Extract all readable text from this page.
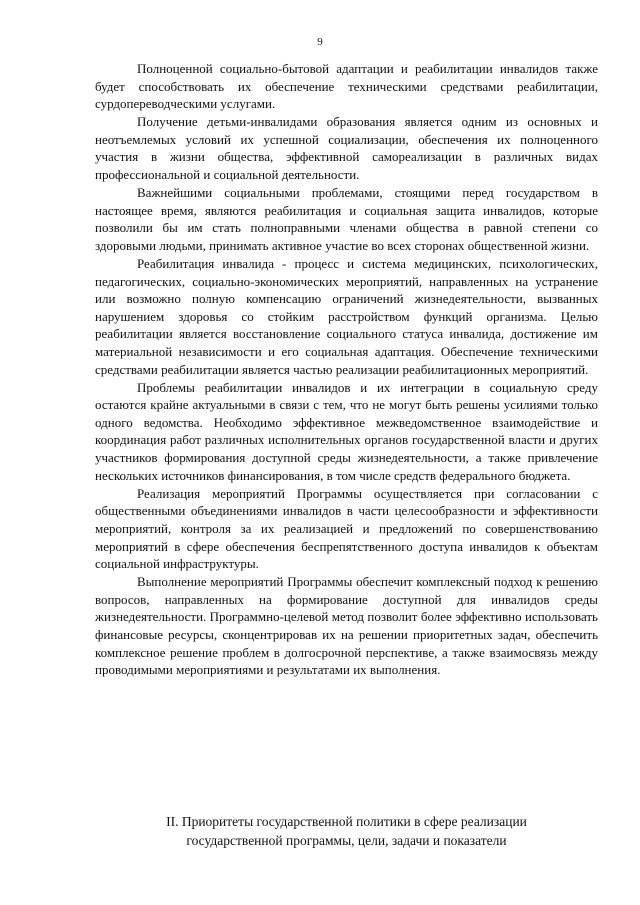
9

Полноценной социально-бытовой адаптации и реабилитации инвалидов также будет способствовать их обеспечение техническими средствами реабилитации, сурдопереводческими услугами.

Получение детьми-инвалидами образования является одним из основных и неотъемлемых условий их успешной социализации, обеспечения их полноценного участия в жизни общества, эффективной самореализации в различных видах профессиональной и социальной деятельности.

Важнейшими социальными проблемами, стоящими перед государством в настоящее время, являются реабилитация и социальная защита инвалидов, которые позволили бы им стать полноправными членами общества в равной степени со здоровыми людьми, принимать активное участие во всех сторонах общественной жизни.

Реабилитация инвалида - процесс и система медицинских, психологических, педагогических, социально-экономических мероприятий, направленных на устранение или возможно полную компенсацию ограничений жизнедеятельности, вызванных нарушением здоровья со стойким расстройством функций организма. Целью реабилитации является восстановление социального статуса инвалида, достижение им материальной независимости и его социальная адаптация. Обеспечение техническими средствами реабилитации является частью реализации реабилитационных мероприятий.

Проблемы реабилитации инвалидов и их интеграции в социальную среду остаются крайне актуальными в связи с тем, что не могут быть решены усилиями только одного ведомства. Необходимо эффективное межведомственное взаимодействие и координация работ различных исполнительных органов государственной власти и других участников формирования доступной среды жизнедеятельности, а также привлечение нескольких источников финансирования, в том числе средств федерального бюджета.

Реализация мероприятий Программы осуществляется при согласовании с общественными объединениями инвалидов в части целесообразности и эффективности мероприятий, контроля за их реализацией и предложений по совершенствованию мероприятий в сфере обеспечения беспрепятственного доступа инвалидов к объектам социальной инфраструктуры.

Выполнение мероприятий Программы обеспечит комплексный подход к решению вопросов, направленных на формирование доступной для инвалидов среды жизнедеятельности. Программно-целевой метод позволит более эффективно использовать финансовые ресурсы, сконцентрировав их на решении приоритетных задач, обеспечить комплексное решение проблем в долгосрочной перспективе, а также взаимосвязь между проводимыми мероприятиями и результатами их выполнения.

II. Приоритеты государственной политики в сфере реализации
государственной программы, цели, задачи и показатели
